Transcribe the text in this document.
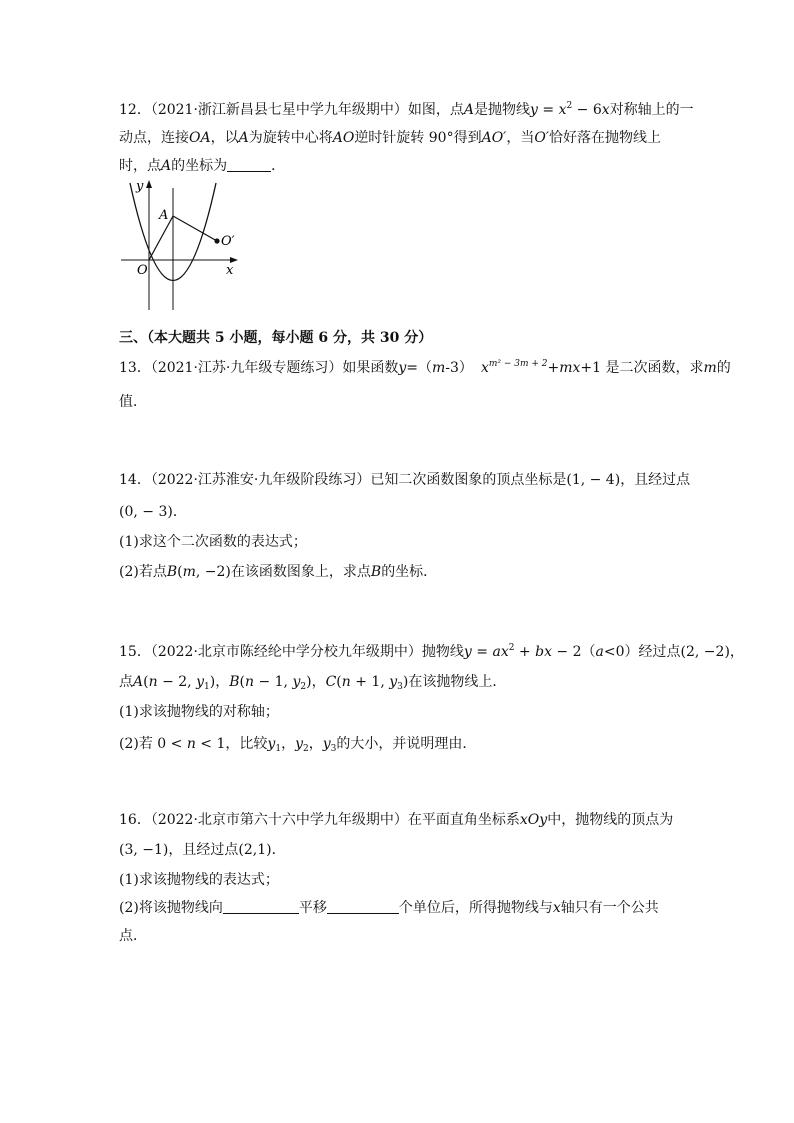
12．（2021·浙江新昌县七星中学九年级期中）如图，点A是抛物线$y = x^2 - 6x$对称轴上的一
动点，连接OA，以A为旋转中心将AO逆时针旋转 90°得到AO′，当O′恰好落在抛物线上
时，点A的坐标为	．
y
A
O′
O	x
三、（本大题共 5 小题，每小题 6 分，共 30 分）
13．（2021·江苏·九年级专题练习）如果函数y=（m-3） $x^{m^2 - 3m + 2}+mx+1$ 是二次函数，求m的
值．
14．（2022·江苏淮安·九年级阶段练习）已知二次函数图象的顶点坐标是(1, − 4)，且经过点
(0, − 3)．
(1)求这个二次函数的表达式；
(2)若点B(m, −2)在该函数图象上，求点B的坐标．
15．（2022·北京市陈经纶中学分校九年级期中）抛物线$y = ax^2$ + bx − 2（a<0）经过点(2, −2)，
点A(n − 2, $y_1$)，B(n − 1, $y_2$)，C(n + 1, $y_3$)在该抛物线上．
(1)求该抛物线的对称轴；
(2)若 0 < n < 1，比较$y_1$，$y_2$，$y_3$的大小，并说明理由．
16．（2022·北京市第六十六中学九年级期中）在平面直角坐标系xOy中，抛物线的顶点为
(3, −1)，且经过点(2,1)．
(1)求该抛物线的表达式；
(2)将该抛物线向	平移	个单位后，所得抛物线与x轴只有一个公共
点．
